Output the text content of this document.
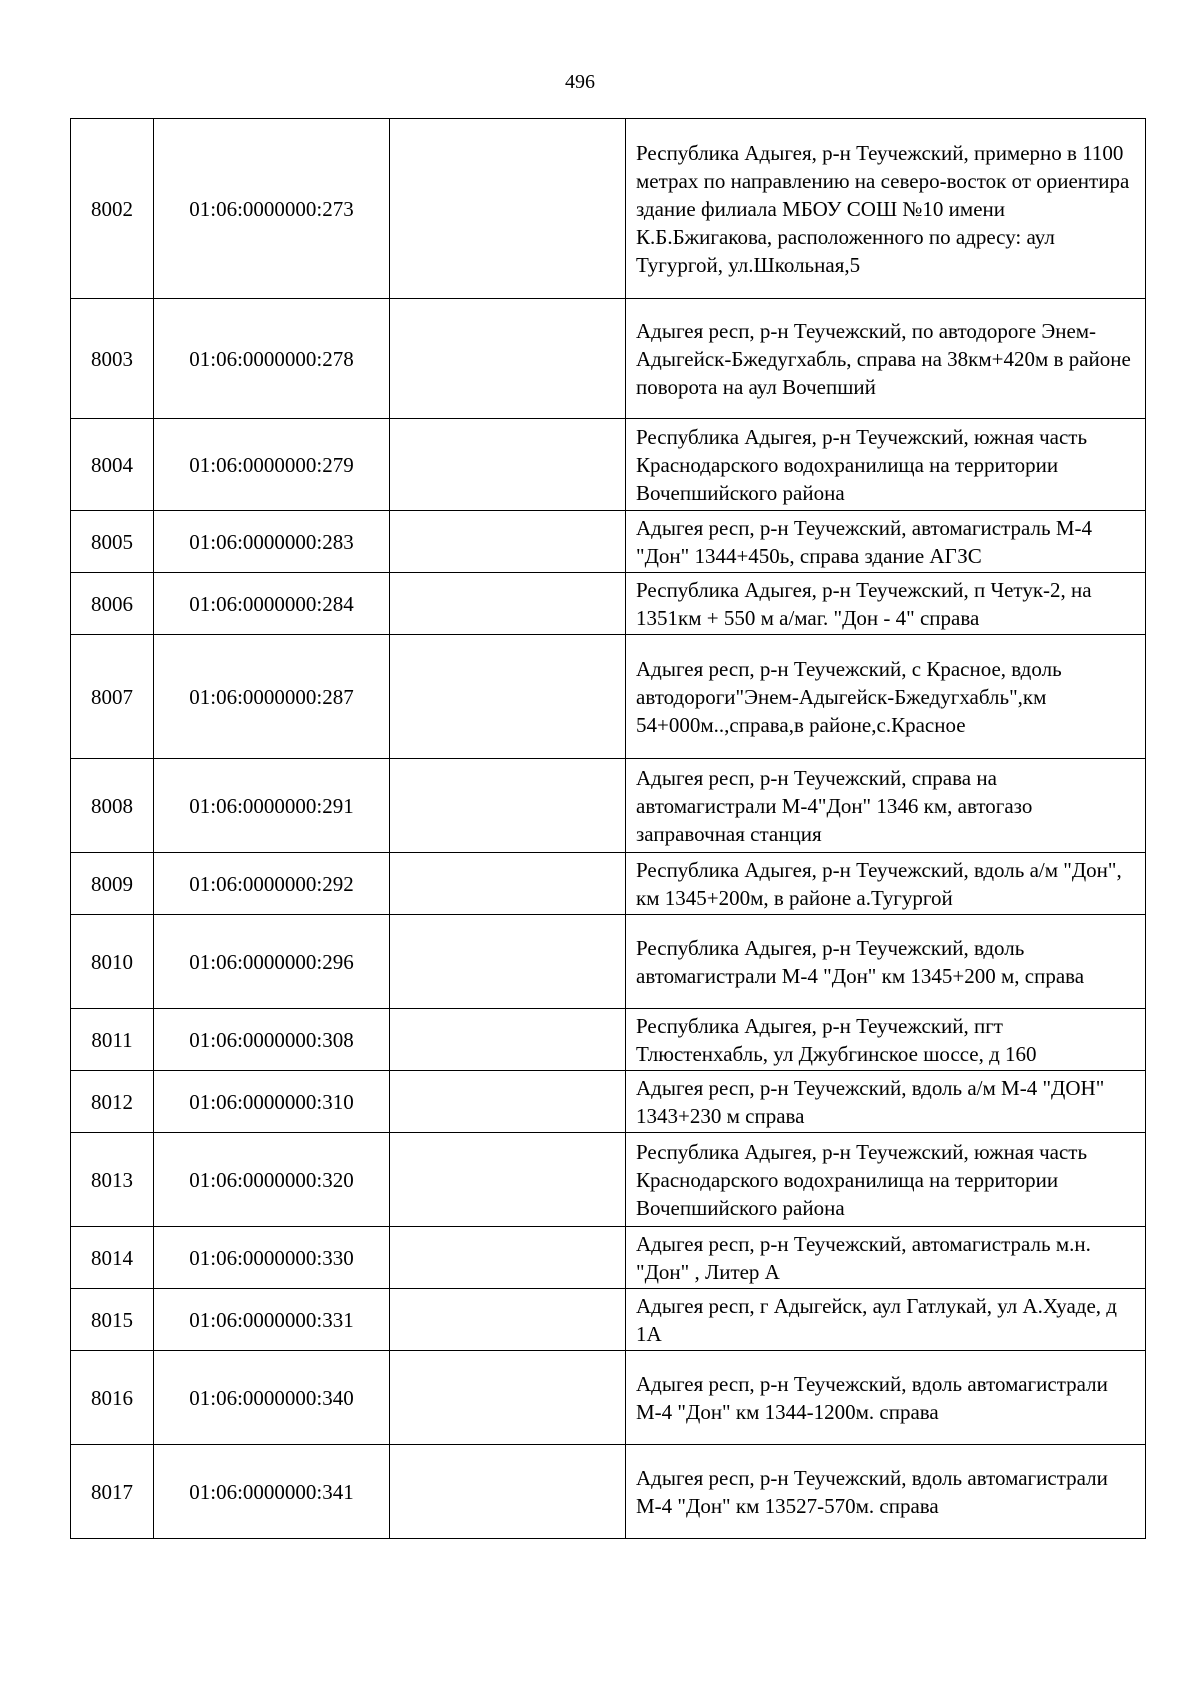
496
8002	01:06:0000000:273		Республика Адыгея, р-н Теучежский, примерно в 1100 метрах по направлению на северо-восток от ориентира здание филиала МБОУ СОШ №10 имени К.Б.Бжигакова, расположенного по адресу: аул Тугургой, ул.Школьная,5
8003	01:06:0000000:278		Адыгея респ, р-н Теучежский, по автодороге Энем-Адыгейск-Бжедугхабль, справа на 38км+420м в районе поворота на аул Вочепший
8004	01:06:0000000:279		Республика Адыгея, р-н Теучежский, южная часть Краснодарского водохранилища на территории Вочепшийского района
8005	01:06:0000000:283		Адыгея респ, р-н Теучежский, автомагистраль М-4 "Дон" 1344+450ь, справа здание АГЗС
8006	01:06:0000000:284		Республика Адыгея, р-н Теучежский, п Четук-2, на 1351км + 550 м а/маг. "Дон - 4" справа
8007	01:06:0000000:287		Адыгея респ, р-н Теучежский, с Красное, вдоль автодороги"Энем-Адыгейск-Бжедугхабль",км 54+000м..,справа,в районе,с.Красное
8008	01:06:0000000:291		Адыгея респ, р-н Теучежский, справа на автомагистрали М-4"Дон" 1346 км, автогазо заправочная станция
8009	01:06:0000000:292		Республика Адыгея, р-н Теучежский, вдоль а/м "Дон", км 1345+200м, в районе а.Тугургой
8010	01:06:0000000:296		Республика Адыгея, р-н Теучежский, вдоль автомагистрали М-4 "Дон" км 1345+200 м, справа
8011	01:06:0000000:308		Республика Адыгея, р-н Теучежский, пгт Тлюстенхабль, ул Джубгинское шоссе, д 160
8012	01:06:0000000:310		Адыгея респ, р-н Теучежский, вдоль а/м М-4 "ДОН" 1343+230 м справа
8013	01:06:0000000:320		Республика Адыгея, р-н Теучежский, южная часть Краснодарского водохранилища на территории Вочепшийского района
8014	01:06:0000000:330		Адыгея респ, р-н Теучежский, автомагистраль м.н. "Дон" , Литер А
8015	01:06:0000000:331		Адыгея респ, г Адыгейск, аул Гатлукай, ул А.Хуаде, д 1А
8016	01:06:0000000:340		Адыгея респ, р-н Теучежский, вдоль автомагистрали М-4 "Дон" км 1344-1200м. справа
8017	01:06:0000000:341		Адыгея респ, р-н Теучежский, вдоль автомагистрали М-4 "Дон" км 13527-570м. справа
